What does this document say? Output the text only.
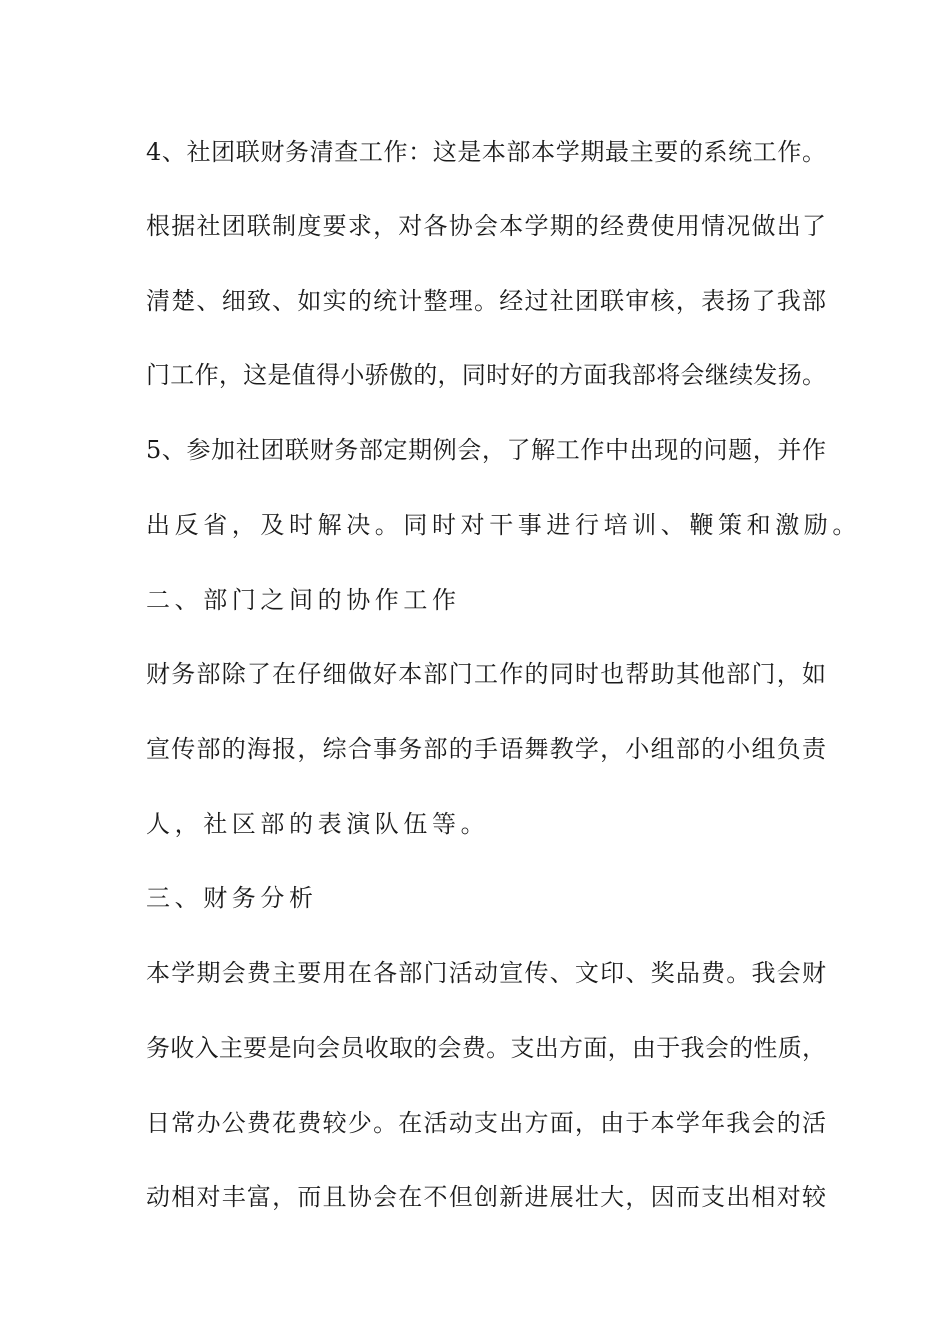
4、社团联财务清查工作：这是本部本学期最主要的系统工作。
根据社团联制度要求，对各协会本学期的经费使用情况做出了
清楚、细致、如实的统计整理。经过社团联审核，表扬了我部
门工作，这是值得小骄傲的，同时好的方面我部将会继续发扬。
5、参加社团联财务部定期例会，了解工作中出现的问题，并作
出反省，及时解决。同时对干事进行培训、鞭策和激励。
二、部门之间的协作工作
财务部除了在仔细做好本部门工作的同时也帮助其他部门，如
宣传部的海报，综合事务部的手语舞教学，小组部的小组负责
人，社区部的表演队伍等。
三、财务分析
本学期会费主要用在各部门活动宣传、文印、奖品费。我会财
务收入主要是向会员收取的会费。支出方面，由于我会的性质，
日常办公费花费较少。在活动支出方面，由于本学年我会的活
动相对丰富，而且协会在不但创新进展壮大，因而支出相对较
